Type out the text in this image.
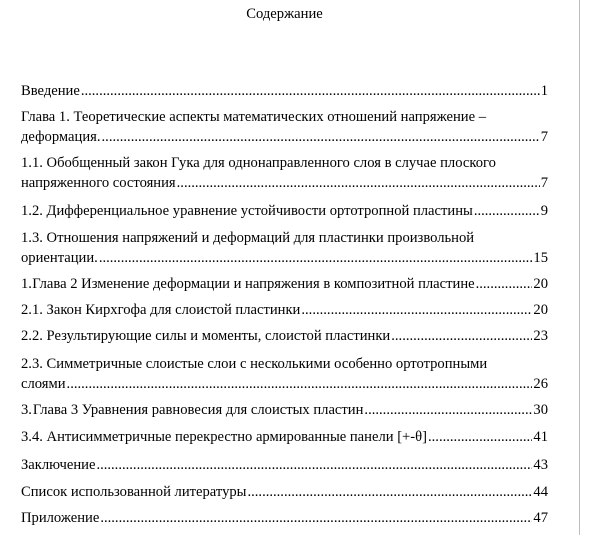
Содержание
Введение .....	1
Глава 1. Теоретические аспекты математических отношений напряжение –
деформация. .....	7
1.1. Обобщенный закон Гука для однонаправленного слоя в случае плоского
напряженного состояния .....	7
1.2. Дифференциальное уравнение устойчивости ортотропной пластины .....	9
1.3. Отношения напряжений и деформаций для пластинки произвольной
ориентации. .....	15
1. Глава 2 Изменение деформации и напряжения в композитной пластине .....	20
2.1. Закон Кирхгофа для слоистой пластинки .....	20
2.2. Результирующие силы и моменты, слоистой пластинки .....	23
2.3. Симметричные слоистые слои с несколькими особенно ортотропными
слоями .....	26
3. Глава 3 Уравнения равновесия для слоистых пластин .....	30
3.4. Антисимметричные перекрестно армированные панели [+-θ] .....	41
Заключение .....	43
Список использованной литературы .....	44
Приложение .....	47
